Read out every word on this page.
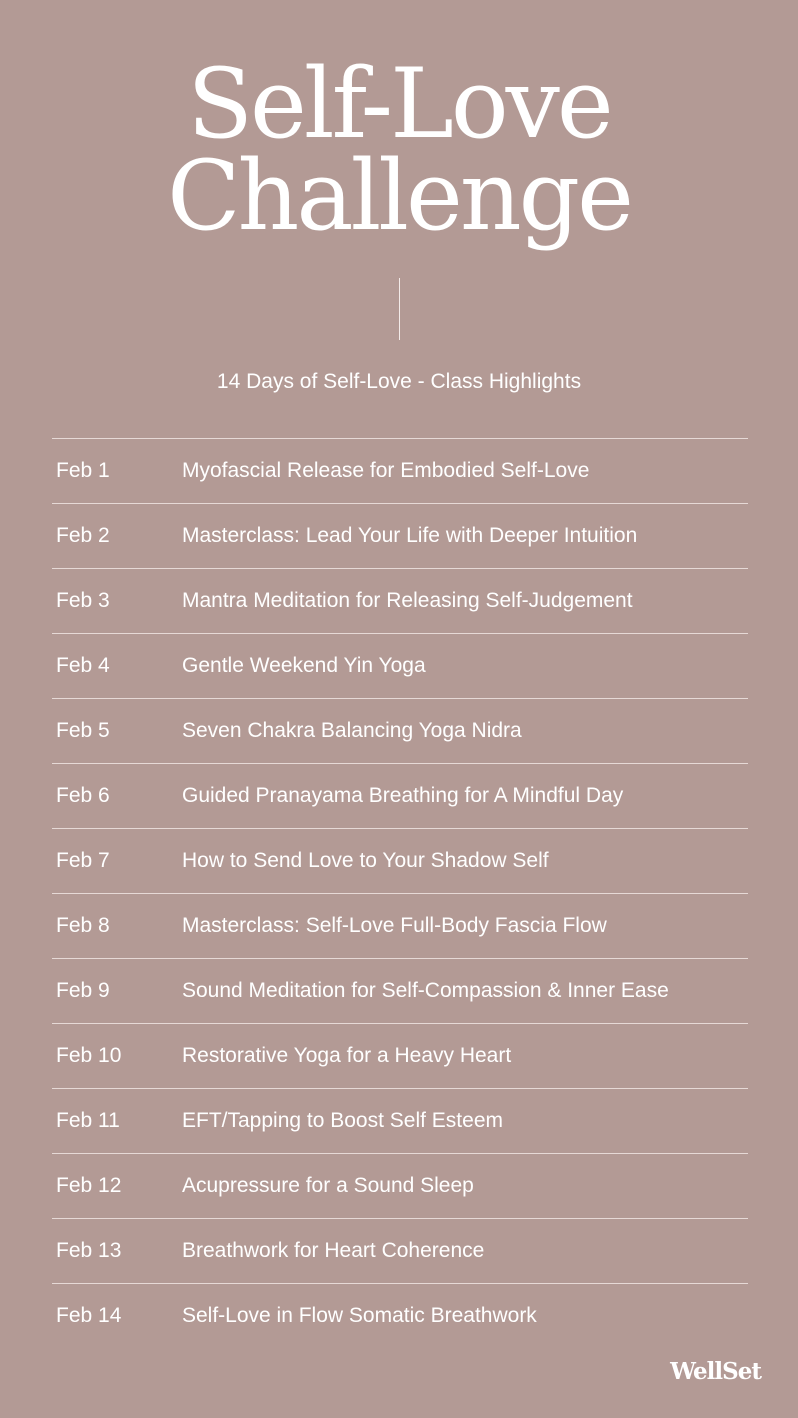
Self-Love
Challenge
14 Days of Self-Love - Class Highlights
Feb 1	Myofascial Release for Embodied Self-Love
Feb 2	Masterclass: Lead Your Life with Deeper Intuition
Feb 3	Mantra Meditation for Releasing Self-Judgement
Feb 4	Gentle Weekend Yin Yoga
Feb 5	Seven Chakra Balancing Yoga Nidra
Feb 6	Guided Pranayama Breathing for A Mindful Day
Feb 7	How to Send Love to Your Shadow Self
Feb 8	Masterclass: Self-Love Full-Body Fascia Flow
Feb 9	Sound Meditation for Self-Compassion & Inner Ease
Feb 10	Restorative Yoga for a Heavy Heart
Feb 11	EFT/Tapping to Boost Self Esteem
Feb 12	Acupressure for a Sound Sleep
Feb 13	Breathwork for Heart Coherence
Feb 14	Self-Love in Flow Somatic Breathwork
WellSet
